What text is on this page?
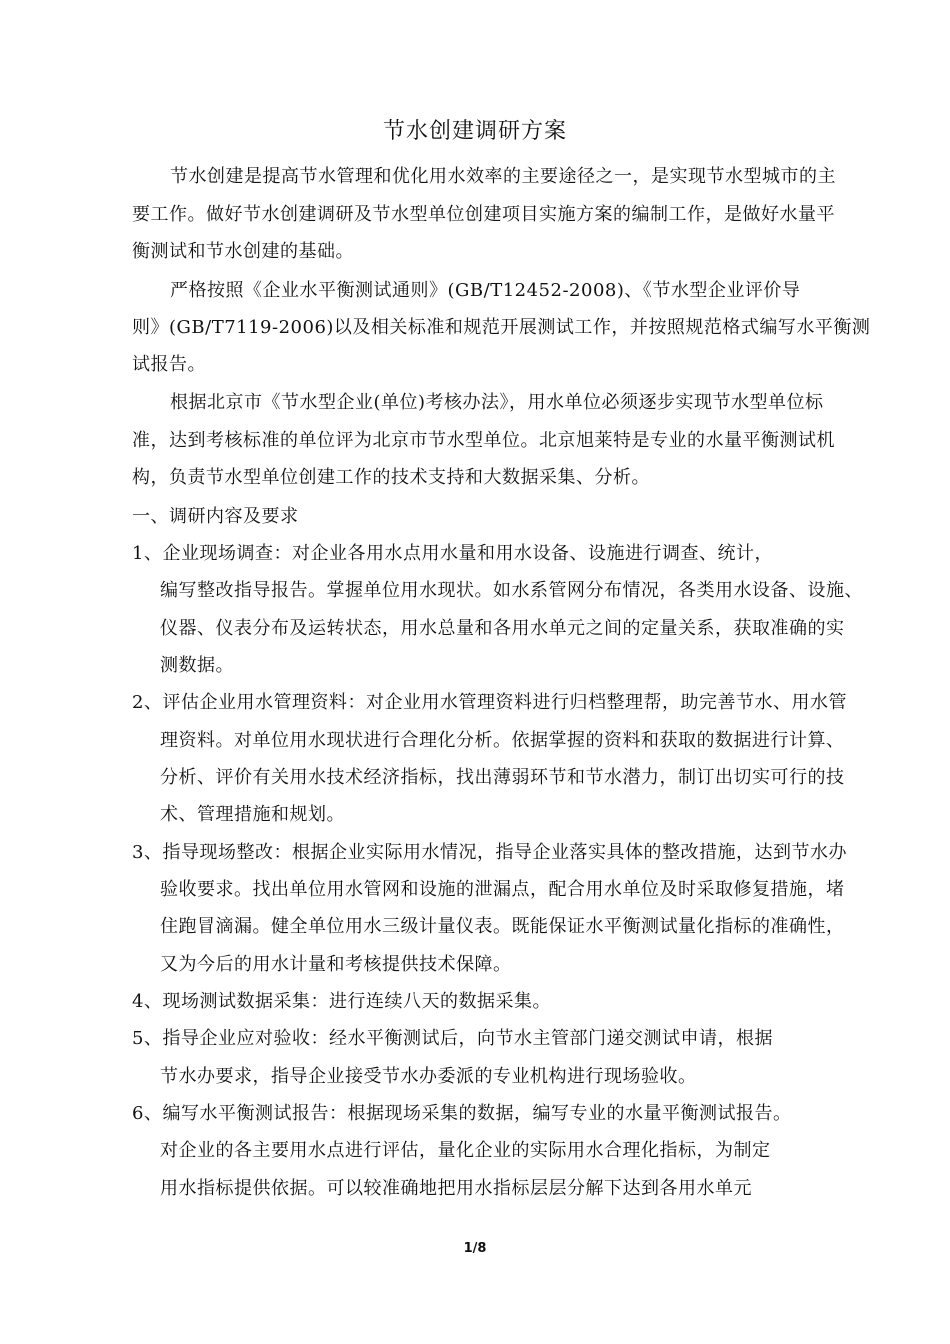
节水创建调研方案
节水创建是提高节水管理和优化用水效率的主要途径之一，是实现节水型城市的主
要工作。做好节水创建调研及节水型单位创建项目实施方案的编制工作，是做好水量平
衡测试和节水创建的基础。
严格按照《企业水平衡测试通则》(GB/T12452-2008)、《节水型企业评价导
则》(GB/T7119-2006)以及相关标准和规范开展测试工作，并按照规范格式编写水平衡测
试报告。
根据北京市《节水型企业(单位)考核办法》，用水单位必须逐步实现节水型单位标
准，达到考核标准的单位评为北京市节水型单位。北京旭莱特是专业的水量平衡测试机
构，负责节水型单位创建工作的技术支持和大数据采集、分析。
一、调研内容及要求
1、企业现场调查：对企业各用水点用水量和用水设备、设施进行调查、统计，
编写整改指导报告。掌握单位用水现状。如水系管网分布情况，各类用水设备、设施、
仪器、仪表分布及运转状态，用水总量和各用水单元之间的定量关系，获取准确的实
测数据。
2、评估企业用水管理资料：对企业用水管理资料进行归档整理帮，助完善节水、用水管
理资料。对单位用水现状进行合理化分析。依据掌握的资料和获取的数据进行计算、
分析、评价有关用水技术经济指标，找出薄弱环节和节水潜力，制订出切实可行的技
术、管理措施和规划。
3、指导现场整改：根据企业实际用水情况，指导企业落实具体的整改措施，达到节水办
验收要求。找出单位用水管网和设施的泄漏点，配合用水单位及时采取修复措施，堵
住跑冒滴漏。健全单位用水三级计量仪表。既能保证水平衡测试量化指标的准确性，
又为今后的用水计量和考核提供技术保障。
4、现场测试数据采集：进行连续八天的数据采集。
5、指导企业应对验收：经水平衡测试后，向节水主管部门递交测试申请，根据
节水办要求，指导企业接受节水办委派的专业机构进行现场验收。
6、编写水平衡测试报告：根据现场采集的数据，编写专业的水量平衡测试报告。
对企业的各主要用水点进行评估，量化企业的实际用水合理化指标，为制定
用水指标提供依据。可以较准确地把用水指标层层分解下达到各用水单元
1/8
